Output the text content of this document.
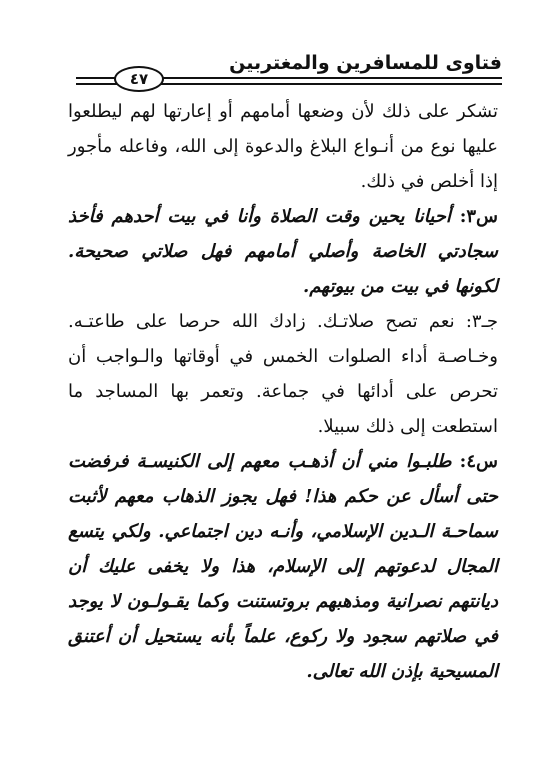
فتاوى للمسافرين والمغتربين
٤٧

تشكر على ذلك لأن وضعها أمامهم أو إعارتها لهم ليطلعوا عليها نوع من أنـواع البلاغ والدعوة إلى الله، وفاعله مأجور إذا أخلص في ذلك.

س٣: أحيانا يحين وقت الصلاة وأنا في بيت أحدهم فأخذ سجادتي الخاصة وأصلي أمامهم فهل صلاتي صحيحة. لكونها في بيت من بيوتهم.

جـ٣: نعم تصح صلاتـك. زادك الله حرصا على طاعتـه. وخـاصـة أداء الصلوات الخمس في أوقاتها والـواجب أن تحرص على أدائها في جماعة. وتعمر بها المساجد ما استطعت إلى ذلك سبيلا.

س٤: طلبـوا مني أن أذهـب معهم إلى الكنيسـة فرفضت حتى أسأل عن حكم هذا! فهل يجوز الذهاب معهم لأثبت سماحـة الـدين الإسلامي، وأنـه دين اجتماعي. ولكي يتسع المجال لدعوتهم إلى الإسلام، هذا ولا يخفى عليك أن ديانتهم نصرانية ومذهبهم بروتستنت وكما يقـولـون لا يوجد في صلاتهم سجود ولا ركوع، علماً بأنه يستحيل أن أعتنق المسيحية بإذن الله تعالى.
